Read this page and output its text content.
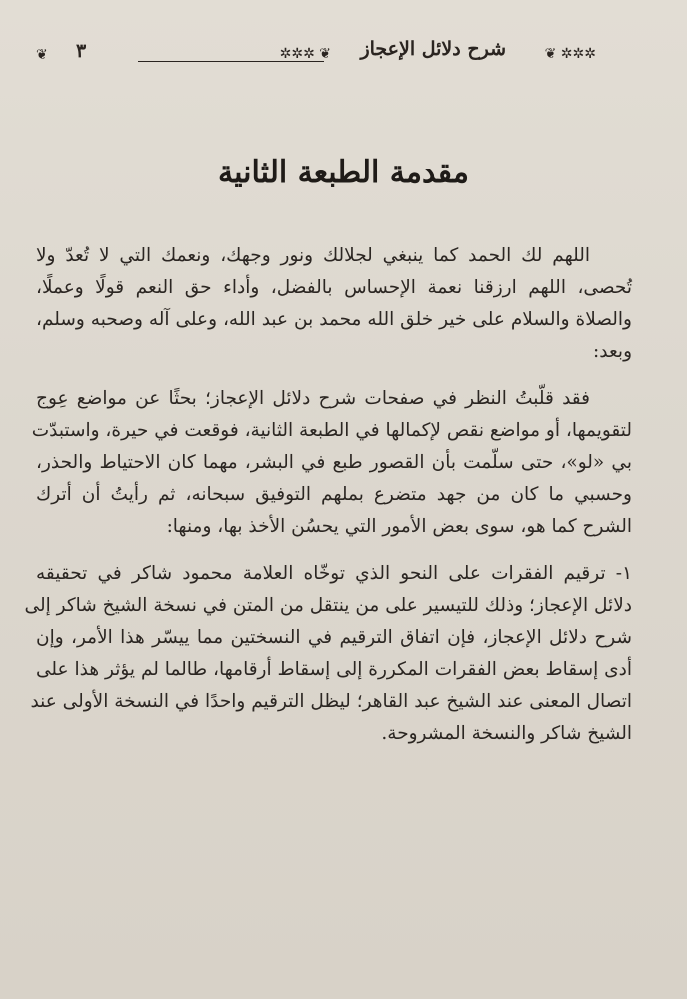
❦ ✲✲✲
شرح دلائل الإعجاز
✲✲✲ ❦
٣
❦
مقدمة الطبعة الثانية
اللهم لك الحمد كما ينبغي لجلالك ونور وجهك، ونعمك التي لا تُعدّ ولا
تُحصى، اللهم ارزقنا نعمة الإحساس بالفضل، وأداء حق النعم قولًا وعملًا،
والصلاة والسلام على خير خلق الله محمد بن عبد الله، وعلى آله وصحبه وسلم،
وبعد:
فقد قلّبتُ النظر في صفحات شرح دلائل الإعجاز؛ بحثًا عن مواضع عِوج
لتقويمها، أو مواضع نقص لإكمالها في الطبعة الثانية، فوقعت في حيرة، واستبدّت
بي «لو»، حتى سلّمت بأن القصور طبع في البشر، مهما كان الاحتياط والحذر،
وحسبي ما كان من جهد متضرع بملهم التوفيق سبحانه، ثم رأيتُ أن أترك
الشرح كما هو، سوى بعض الأمور التي يحسُن الأخذ بها، ومنها:
١- ترقيم الفقرات على النحو الذي توخّاه العلامة محمود شاكر في تحقيقه
دلائل الإعجاز؛ وذلك للتيسير على من ينتقل من المتن في نسخة الشيخ شاكر إلى
شرح دلائل الإعجاز، فإن اتفاق الترقيم في النسختين مما ييسّر هذا الأمر، وإن
أدى إسقاط بعض الفقرات المكررة إلى إسقاط أرقامها، طالما لم يؤثر هذا على
اتصال المعنى عند الشيخ عبد القاهر؛ ليظل الترقيم واحدًا في النسخة الأولى عند
الشيخ شاكر والنسخة المشروحة.
